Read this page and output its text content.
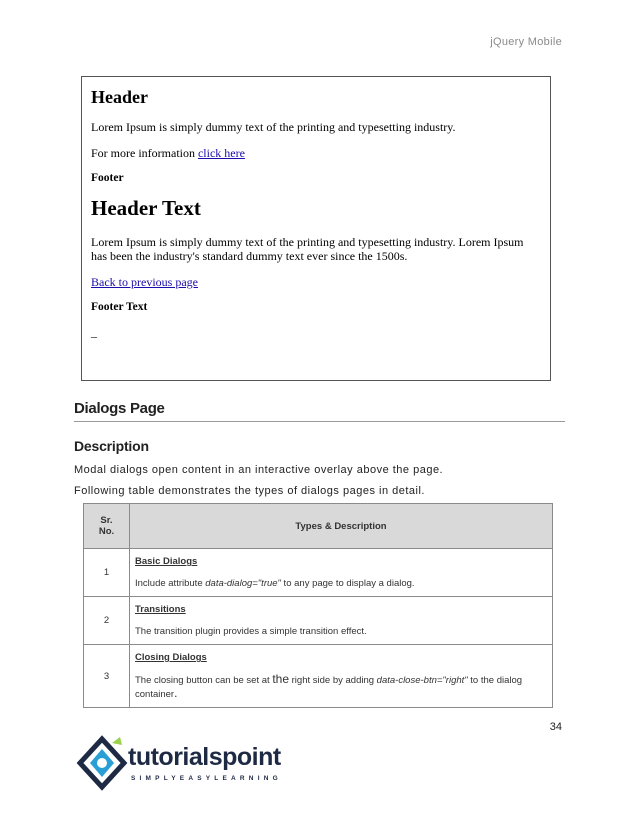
jQuery Mobile
Header

Lorem Ipsum is simply dummy text of the printing and typesetting industry.

For more information click here

Footer
Header Text

Lorem Ipsum is simply dummy text of the printing and typesetting industry. Lorem Ipsum has been the industry's standard dummy text ever since the 1500s.

Back to previous page

Footer Text
_
Dialogs Page
Description
Modal dialogs open content in an interactive overlay above the page.
Following table demonstrates the types of dialogs pages in detail.
Sr.
No.	Types & Description
1	Basic Dialogs
Include attribute data-dialog="true" to any page to display a dialog.
2	Transitions
The transition plugin provides a simple transition effect.
3	Closing Dialogs
The closing button can be set at the right side by adding data-close-btn="right" to the dialog container.
34
tutorialspoint
SIMPLYEASYLEARNING
